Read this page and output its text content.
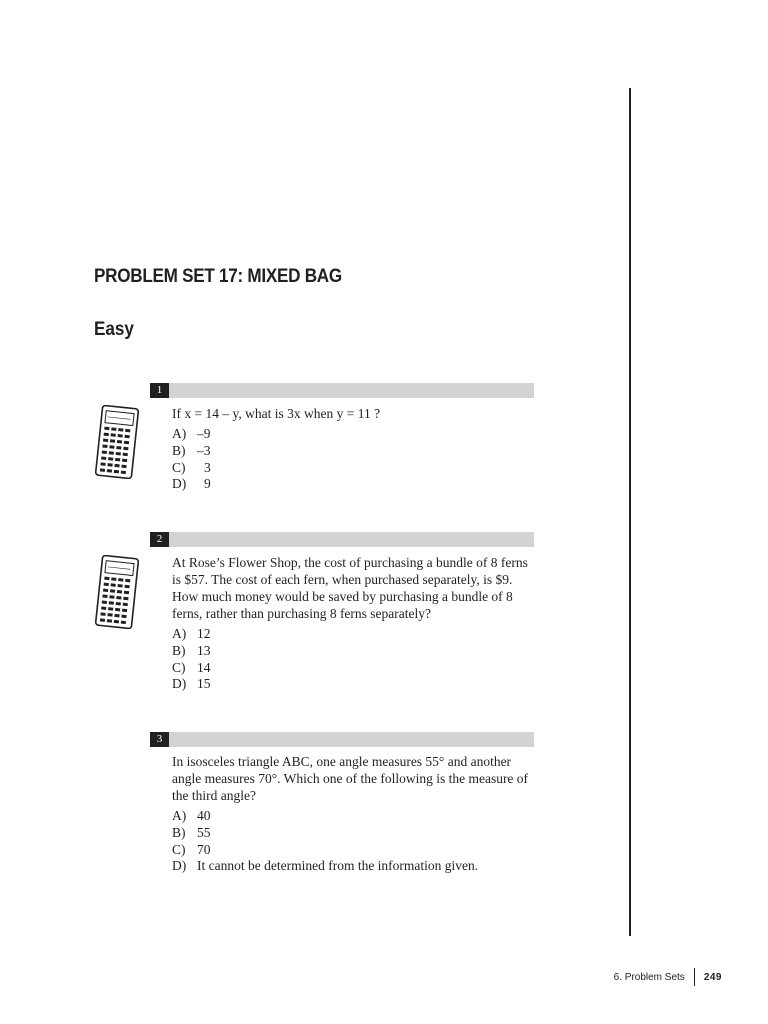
PROBLEM SET 17: MIXED BAG
Easy
1

If x = 14 – y, what is 3x when y = 11 ?

A) –9
B) –3
C)	3
D)	9
2

At Rose’s Flower Shop, the cost of purchasing a bundle of 8 ferns is $57. The cost of each fern, when purchased separately, is $9. How much money would be saved by purchasing a bundle of 8 ferns, rather than purchasing 8 ferns separately?

A) 12
B) 13
C) 14
D) 15
3

In isosceles triangle ABC, one angle measures 55° and another angle measures 70°. Which one of the following is the measure of the third angle?

A) 40
B) 55
C) 70
D) It cannot be determined from the information given.
6. Problem Sets 249
